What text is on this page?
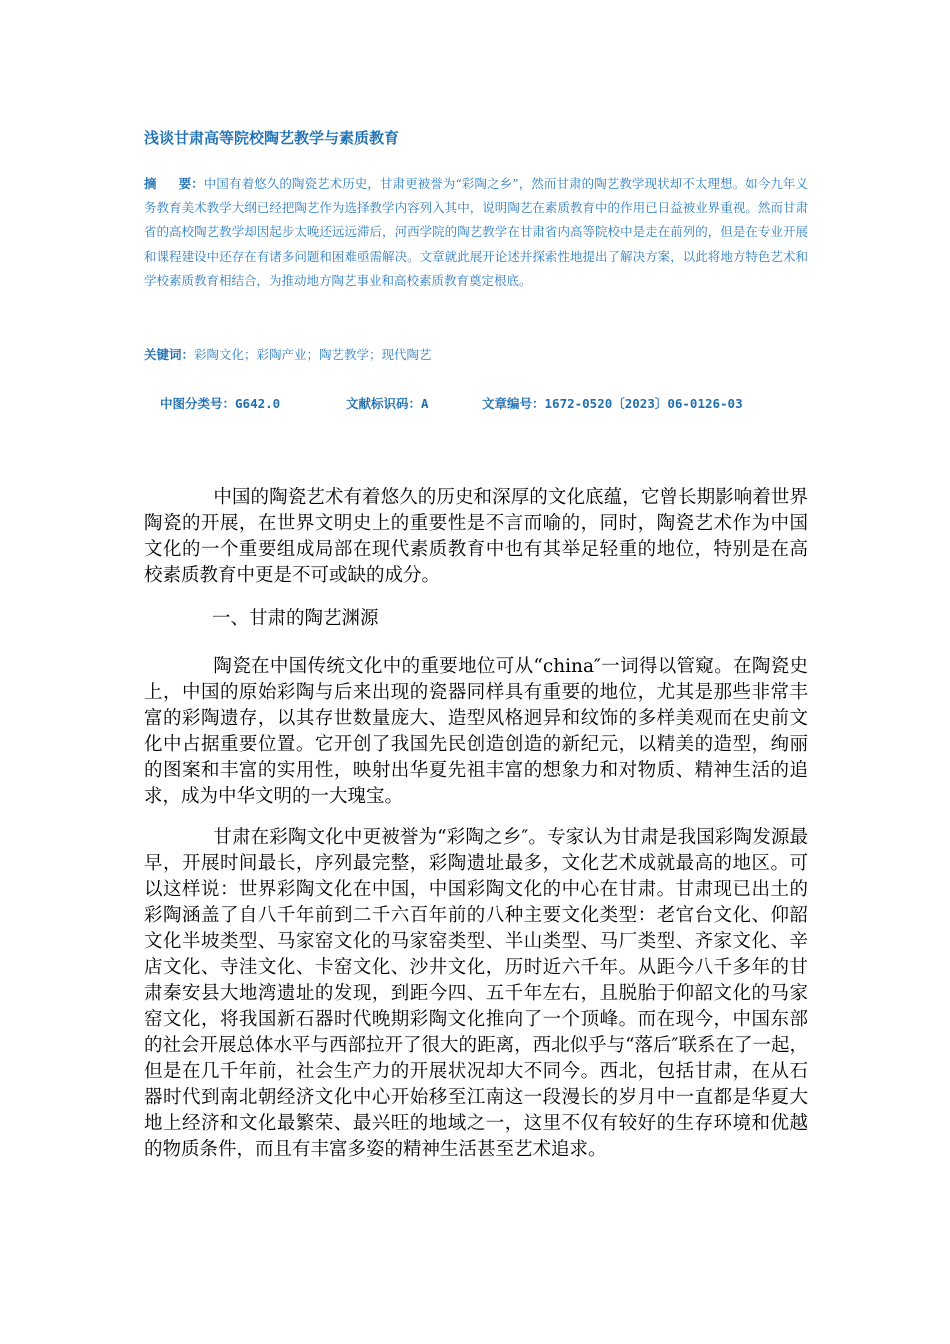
浅谈甘肃高等院校陶艺教学与素质教育
摘 要：中国有着悠久的陶瓷艺术历史，甘肃更被誉为“彩陶之乡”，然而甘肃的陶艺教学现状却不太理想。如今九年义务教育美术教学大纲已经把陶艺作为选择教学内容列入其中，说明陶艺在素质教育中的作用已日益被业界重视。然而甘肃省的高校陶艺教学却因起步太晚还远远滞后，河西学院的陶艺教学在甘肃省内高等院校中是走在前列的，但是在专业开展和课程建设中还存在有诸多问题和困难亟需解决。文章就此展开论述并探索性地提出了解决方案，以此将地方特色艺术和学校素质教育相结合，为推动地方陶艺事业和高校素质教育奠定根底。
关键词：彩陶文化；彩陶产业；陶艺教学；现代陶艺
中图分类号：G642.0	文献标识码：A	文章编号：1672-0520〔2023〕06-0126-03

中国的陶瓷艺术有着悠久的历史和深厚的文化底蕴，它曾长期影响着世界陶瓷的开展，在世界文明史上的重要性是不言而喻的，同时，陶瓷艺术作为中国文化的一个重要组成局部在现代素质教育中也有其举足轻重的地位，特别是在高校素质教育中更是不可或缺的成分。

一、甘肃的陶艺渊源

陶瓷在中国传统文化中的重要地位可从“china″一词得以管窥。在陶瓷史上，中国的原始彩陶与后来出现的瓷器同样具有重要的地位，尤其是那些非常丰富的彩陶遗存，以其存世数量庞大、造型风格迥异和纹饰的多样美观而在史前文化中占据重要位置。它开创了我国先民创造创造的新纪元，以精美的造型，绚丽的图案和丰富的实用性，映射出华夏先祖丰富的想象力和对物质、精神生活的追求，成为中华文明的一大瑰宝。

甘肃在彩陶文化中更被誉为“彩陶之乡″。专家认为甘肃是我国彩陶发源最早，开展时间最长，序列最完整，彩陶遗址最多，文化艺术成就最高的地区。可以这样说：世界彩陶文化在中国，中国彩陶文化的中心在甘肃。甘肃现已出土的彩陶涵盖了自八千年前到二千六百年前的八种主要文化类型：老官台文化、仰韶文化半坡类型、马家窑文化的马家窑类型、半山类型、马厂类型、齐家文化、辛店文化、寺洼文化、卡窑文化、沙井文化，历时近六千年。从距今八千多年的甘肃秦安县大地湾遗址的发现，到距今四、五千年左右，且脱胎于仰韶文化的马家窑文化，将我国新石器时代晚期彩陶文化推向了一个顶峰。而在现今，中国东部的社会开展总体水平与西部拉开了很大的距离，西北似乎与“落后″联系在了一起，但是在几千年前，社会生产力的开展状况却大不同今。西北，包括甘肃，在从石器时代到南北朝经济文化中心开始移至江南这一段漫长的岁月中一直都是华夏大地上经济和文化最繁荣、最兴旺的地域之一，这里不仅有较好的生存环境和优越的物质条件，而且有丰富多姿的精神生活甚至艺术追求。
